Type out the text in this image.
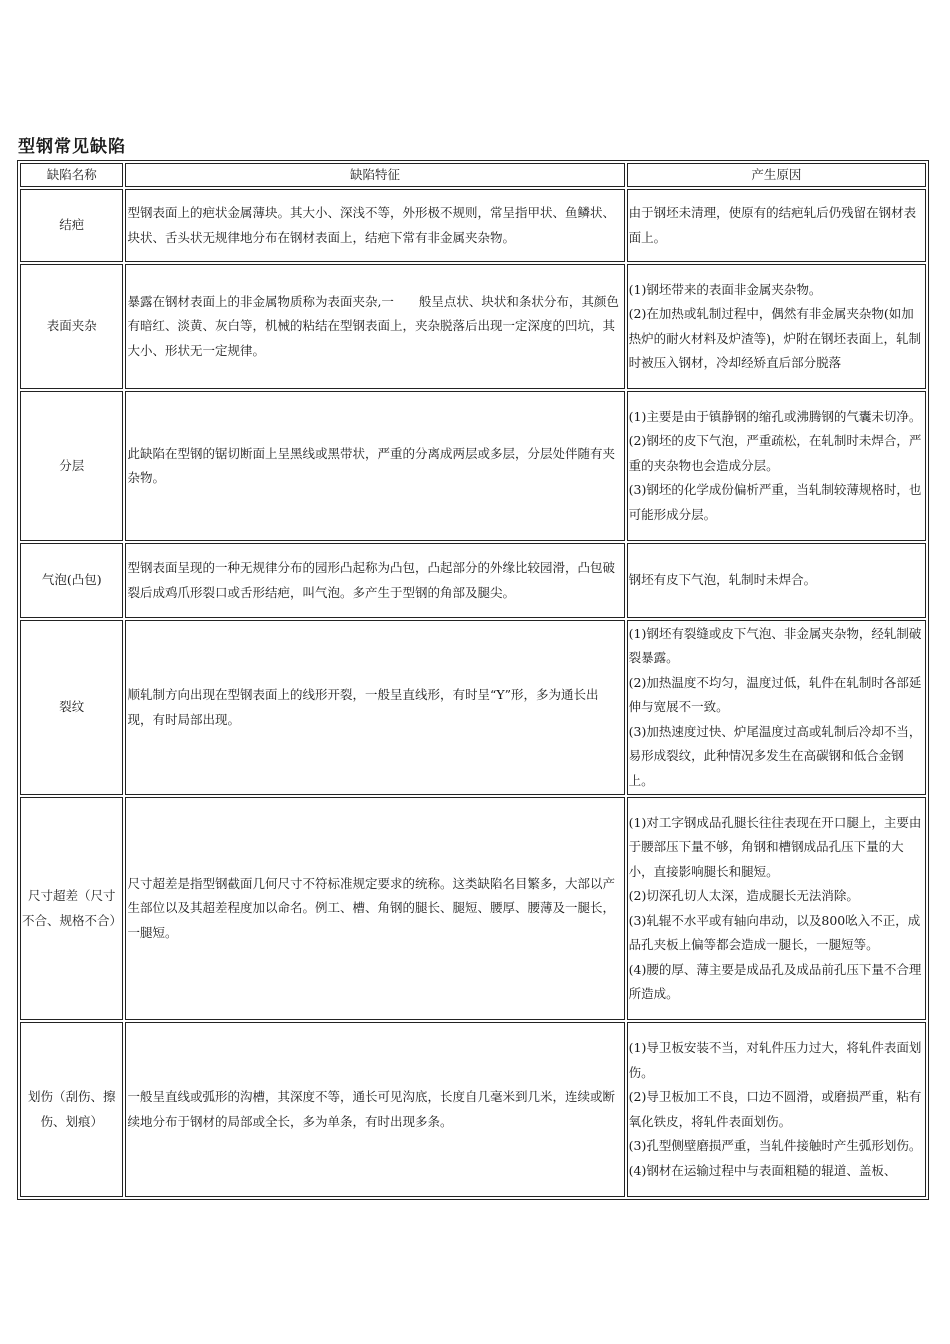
型钢常见缺陷
缺陷名称	缺陷特征	产生原因
结疤	型钢表面上的疤状金属薄块。其大小、深浅不等，外形极不规则，常呈指甲状、鱼鳞状、块状、舌头状无规律地分布在钢材表面上，结疤下常有非金属夹杂物。	由于钢坯未清理，使原有的结疤轧后仍残留在钢材表面上。

表面夹杂	暴露在钢材表面上的非金属物质称为表面夹杂,一　　般呈点状、块状和条状分布，其颜色有暗红、淡黄、灰白等，机械的粘结在型钢表面上，夹杂脱落后出现一定深度的凹坑，其大小、形状无一定规律。	(1)钢坯带来的表面非金属夹杂物。
(2)在加热或轧制过程中，偶然有非金属夹杂物(如加热炉的耐火材料及炉渣等)，炉附在钢坯表面上，轧制时被压入钢材，冷却经矫直后部分脱落

分层	此缺陷在型钢的锯切断面上呈黑线或黑带状，严重的分离成两层或多层，分层处伴随有夹杂物。	(1)主要是由于镇静钢的缩孔或沸腾钢的气囊未切净。
(2)钢坯的皮下气泡，严重疏松，在轧制时未焊合，严重的夹杂物也会造成分层。
(3)钢坯的化学成份偏析严重，当轧制较薄规格时，也可能形成分层。

气泡(凸包)	型钢表面呈现的一种无规律分布的园形凸起称为凸包，凸起部分的外缘比较园滑，凸包破裂后成鸡爪形裂口或舌形结疤，叫气泡。多产生于型钢的角部及腿尖。	钢坯有皮下气泡，轧制时未焊合。

裂纹	顺轧制方向出现在型钢表面上的线形开裂，一般呈直线形，有时呈“Y”形，多为通长出现，有时局部出现。	(1)钢坯有裂缝或皮下气泡、非金属夹杂物，经轧制破裂暴露。
(2)加热温度不均匀，温度过低，轧件在轧制时各部延伸与宽展不一致。
(3)加热速度过快、炉尾温度过高或轧制后冷却不当，易形成裂纹，此种情况多发生在高碳钢和低合金钢上。

尺寸超差（尺寸不合、规格不合）	尺寸超差是指型钢截面几何尺寸不符标准规定要求的统称。这类缺陷名目繁多，大部以产生部位以及其超差程度加以命名。例工、槽、角钢的腿长、腿短、腰厚、腰薄及一腿长，一腿短。	(1)对工字钢成品孔腿长往往表现在开口腿上，主要由于腰部压下量不够，角钢和槽钢成品孔压下量的大小，直接影响腿长和腿短。
(2)切深孔切人太深，造成腿长无法消除。
(3)轧辊不水平或有轴向串动，以及800吆入不正，成品孔夹板上偏等都会造成一腿长，一腿短等。
(4)腰的厚、薄主要是成品孔及成品前孔压下量不合理所造成。

划伤（刮伤、擦伤、划痕）	一般呈直线或弧形的沟槽，其深度不等，通长可见沟底，长度自几毫米到几米，连续或断续地分布于钢材的局部或全长，多为单条，有时出现多条。	(1)导卫板安装不当，对轧件压力过大，将轧件表面划伤。
(2)导卫板加工不良，口边不圆滑，或磨损严重，粘有氧化铁皮，将轧件表面划伤。
(3)孔型侧壁磨损严重，当轧件接触时产生弧形划伤。
(4)钢材在运输过程中与表面粗糙的辊道、盖板、
